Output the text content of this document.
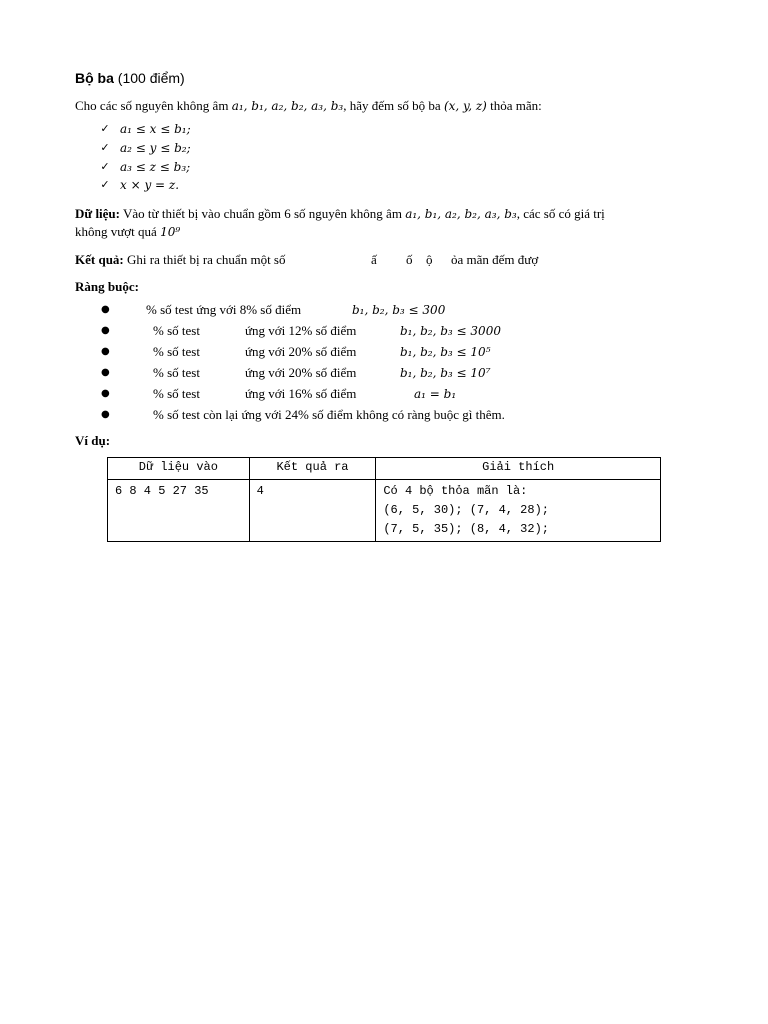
Bộ ba (100 điểm)
Cho các số nguyên không âm a₁, b₁, a₂, b₂, a₃, b₃, hãy đếm số bộ ba (x, y, z) thỏa mãn:
✓ a₁ ≤ x ≤ b₁;
✓ a₂ ≤ y ≤ b₂;
✓ a₃ ≤ z ≤ b₃;
✓ x × y = z.
Dữ liệu: Vào từ thiết bị vào chuẩn gồm 6 số nguyên không âm a₁, b₁, a₂, b₂, a₃, b₃, các số có giá trị
không vượt quá 10⁹
Kết quả: Ghi ra thiết bị ra chuẩn một số	ấ ố ộ ỏa mãn đếm đượ
Ràng buộc:
●	% số test ứng với 8% số điểm	b₁, b₂, b₃ ≤ 300
●	% số test	ứng với 12% số điểm	b₁, b₂, b₃ ≤ 3000
●	% số test	ứng với 20% số điểm	b₁, b₂, b₃ ≤ 10⁵
●	% số test	ứng với 20% số điểm	b₁, b₂, b₃ ≤ 10⁷
●	% số test	ứng với 16% số điểm	a₁ = b₁
●	% số test còn lại ứng với 24% số điểm không có ràng buộc gì thêm.
Ví dụ:
Dữ liệu vào	Kết quả ra	Giải thích
6 8 4 5 27 35	4	Có 4 bộ thỏa mãn là:
(6, 5, 30); (7, 4, 28);
(7, 5, 35); (8, 4, 32);
